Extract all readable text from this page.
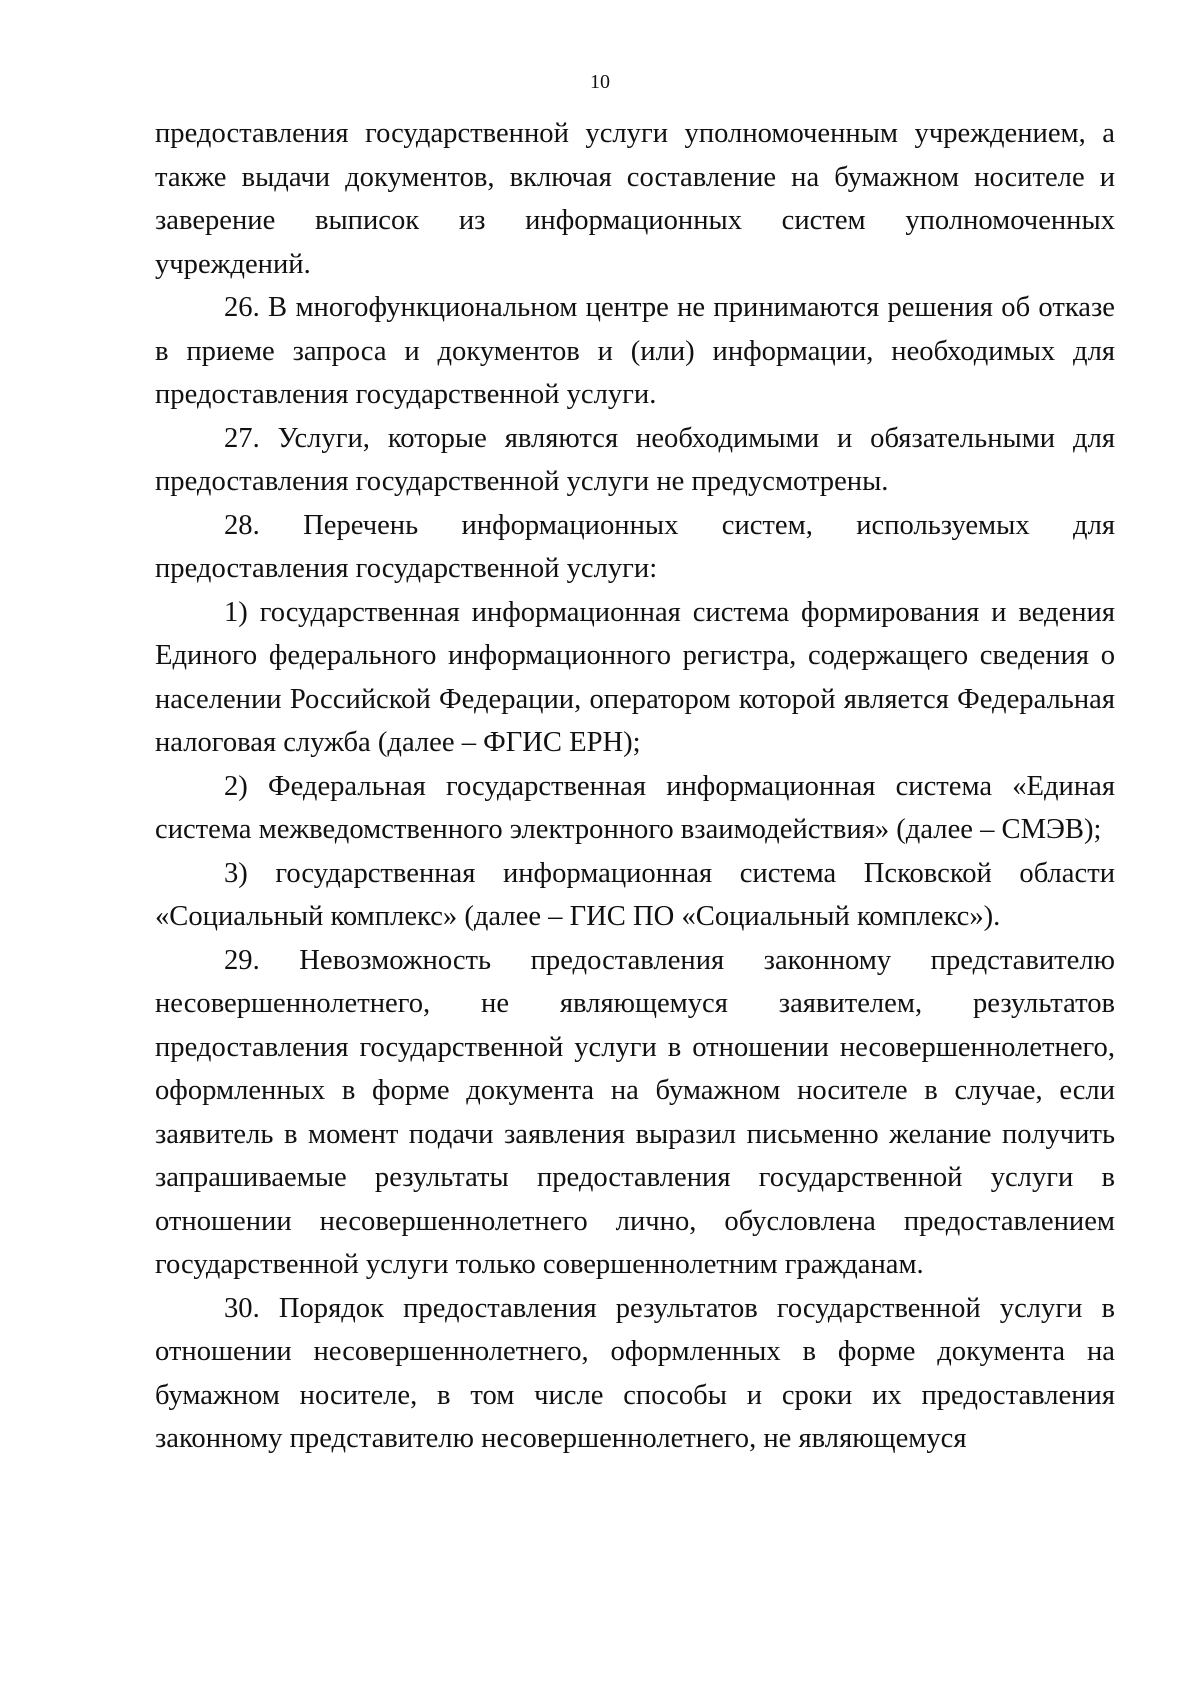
10

предоставления государственной услуги уполномоченным учреждением, а также выдачи документов, включая составление на бумажном носителе и заверение выписок из информационных систем уполномоченных учреждений.

26. В многофункциональном центре не принимаются решения об отказе в приеме запроса и документов и (или) информации, необходимых для предоставления государственной услуги.

27. Услуги, которые являются необходимыми и обязательными для предоставления государственной услуги не предусмотрены.

28. Перечень информационных систем, используемых для предоставления государственной услуги:

1) государственная информационная система формирования и ведения Единого федерального информационного регистра, содержащего сведения о населении Российской Федерации, оператором которой является Федеральная налоговая служба (далее – ФГИС ЕРН);

2) Федеральная государственная информационная система «Единая система межведомственного электронного взаимодействия» (далее – СМЭВ);

3) государственная информационная система Псковской области «Социальный комплекс» (далее – ГИС ПО «Социальный комплекс»).

29. Невозможность предоставления законному представителю несовершеннолетнего, не являющемуся заявителем, результатов предоставления государственной услуги в отношении несовершеннолетнего, оформленных в форме документа на бумажном носителе в случае, если заявитель в момент подачи заявления выразил письменно желание получить запрашиваемые результаты предоставления государственной услуги в отношении несовершеннолетнего лично, обусловлена предоставлением государственной услуги только совершеннолетним гражданам.

30. Порядок предоставления результатов государственной услуги в отношении несовершеннолетнего, оформленных в форме документа на бумажном носителе, в том числе способы и сроки их предоставления законному представителю несовершеннолетнего, не являющемуся
